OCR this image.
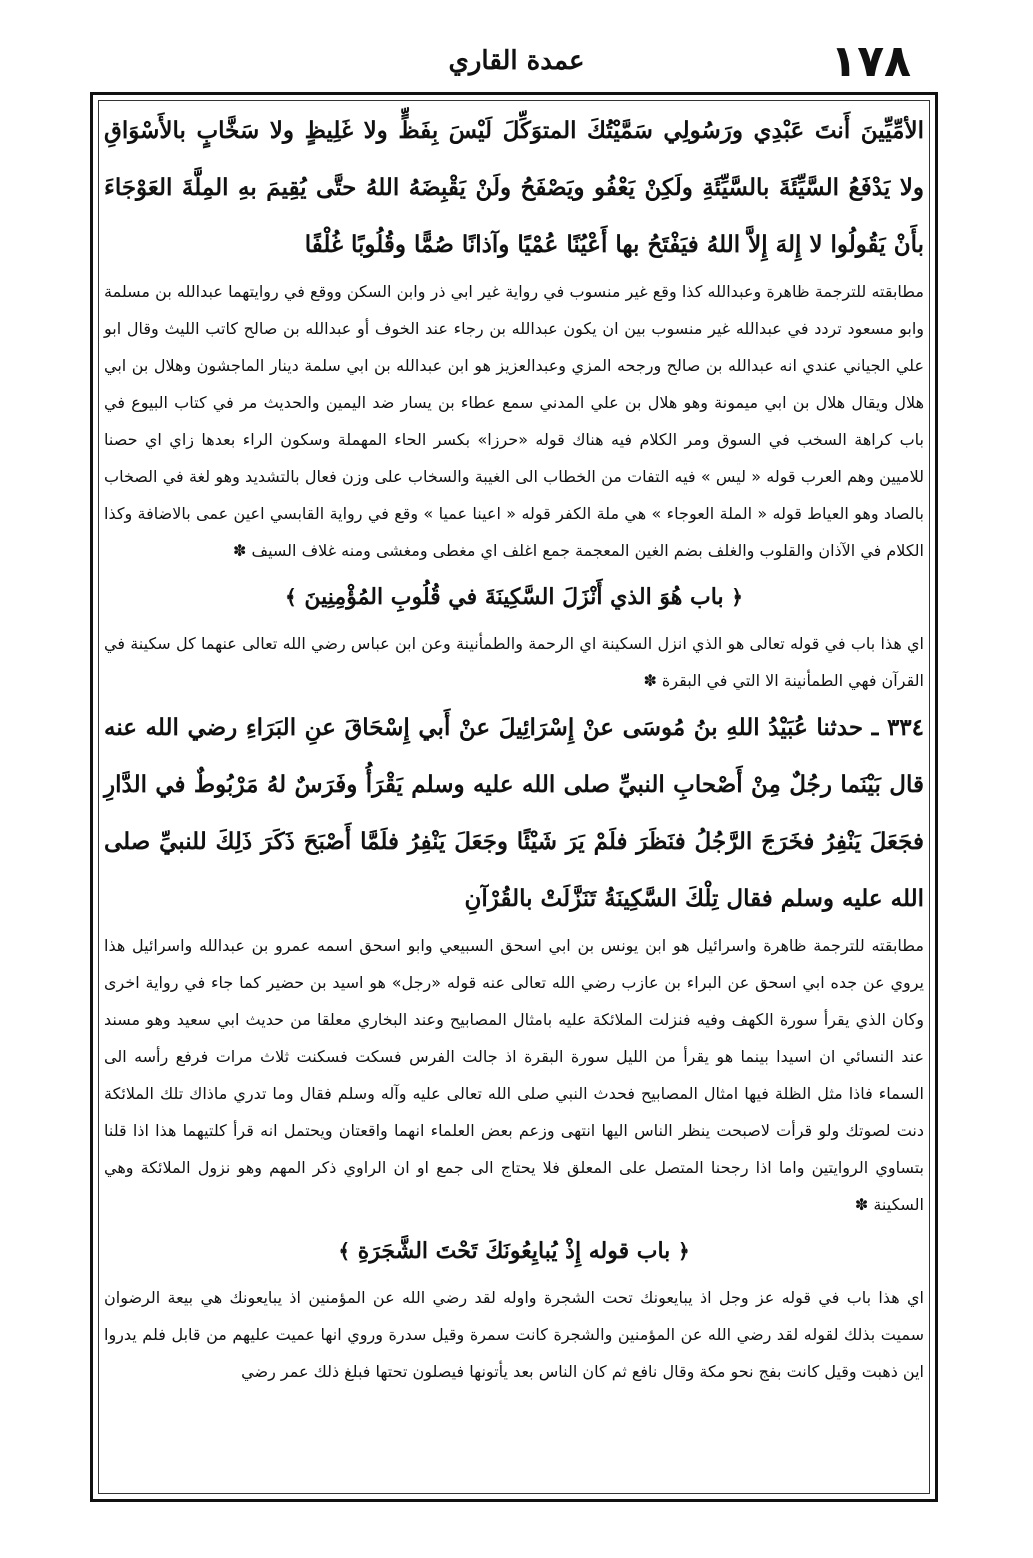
١٧٨
عمدة القاري

الأمِّيِّينَ أَنتَ عَبْدِي ورَسُولِي سَمَّيْتُكَ المتوَكِّلَ لَيْسَ بِفَظٍّ ولا غَلِيظٍ ولا سَخَّابٍ بالأَسْوَاقِ ولا يَدْفَعُ السَّيِّئَةَ بالسَّيِّئَةِ ولَكِنْ يَعْفُو ويَصْفَحُ ولَنْ يَقْبِضَهُ اللهُ حتَّى يُقِيمَ بهِ المِلَّةَ العَوْجَاءَ بأَنْ يَقُولُوا لا إِلهَ إِلاَّ اللهُ فيَفْتَحُ بها أَعْيُنًا عُمْيًا وآذانًا صُمًّا وقُلُوبًا غُلْفًا

مطابقته للترجمة ظاهرة وعبدالله كذا وقع غير منسوب في رواية غير ابي ذر وابن السكن ووقع في روايتهما عبدالله بن مسلمة وابو مسعود تردد في عبدالله غير منسوب بين ان يكون عبدالله بن رجاء عند الخوف أو عبدالله بن صالح كاتب الليث وقال ابو علي الجياني عندي انه عبدالله بن صالح ورجحه المزي وعبدالعزيز هو ابن عبدالله بن ابي سلمة دينار الماجشون وهلال بن ابي هلال ويقال هلال بن ابي ميمونة وهو هلال بن علي المدني سمع عطاء بن يسار ضد اليمين والحديث مر في كتاب البيوع في باب كراهة السخب في السوق ومر الكلام فيه هناك قوله «حرزا» بكسر الحاء المهملة وسكون الراء بعدها زاي اي حصنا للاميين وهم العرب قوله « ليس » فيه التفات من الخطاب الى الغيبة والسخاب على وزن فعال بالتشديد وهو لغة في الصخاب بالصاد وهو العياط قوله « الملة العوجاء » هي ملة الكفر قوله « اعينا عميا » وقع في رواية القابسي اعين عمى بالاضافة وكذا الكلام في الآذان والقلوب والغلف بضم الغين المعجمة جمع اغلف اي مغطى ومغشى ومنه غلاف السيف ✽

﴿ باب هُوَ الذي أَنْزَلَ السَّكِينَةَ في قُلُوبِ المُؤْمِنِينَ ﴾

اي هذا باب في قوله تعالى هو الذي انزل السكينة اي الرحمة والطمأنينة وعن ابن عباس رضي الله تعالى عنهما كل سكينة في القرآن فهي الطمأنينة الا التي في البقرة ✽

٣٣٤ ـ حدثنا عُبَيْدُ اللهِ بنُ مُوسَى عنْ إِسْرَائِيلَ عنْ أَبي إِسْحَاقَ عنِ البَرَاءِ رضي الله عنه قال بَيْنَما رجُلٌ مِنْ أَصْحابِ النبيِّ صلى الله عليه وسلم يَقْرَأُ وفَرَسٌ لهُ مَرْبُوطٌ في الدَّارِ فجَعَلَ يَنْفِرُ فخَرَجَ الرَّجُلُ فنَظَرَ فلَمْ يَرَ شَيْئًا وجَعَلَ يَنْفِرُ فلَمَّا أَصْبَحَ ذَكَرَ ذَلِكَ للنبيِّ صلى الله عليه وسلم فقال تِلْكَ السَّكِينَةُ تَنَزَّلَتْ بالقُرْآنِ

مطابقته للترجمة ظاهرة واسرائيل هو ابن يونس بن ابي اسحق السبيعي وابو اسحق اسمه عمرو بن عبدالله واسرائيل هذا يروي عن جده ابي اسحق عن البراء بن عازب رضي الله تعالى عنه قوله «رجل» هو اسيد بن حضير كما جاء في رواية اخرى وكان الذي يقرأ سورة الكهف وفيه فنزلت الملائكة عليه بامثال المصابيح وعند البخاري معلقا من حديث ابي سعيد وهو مسند عند النسائي ان اسيدا بينما هو يقرأ من الليل سورة البقرة اذ جالت الفرس فسكت فسكنت ثلاث مرات فرفع رأسه الى السماء فاذا مثل الظلة فيها امثال المصابيح فحدث النبي صلى الله تعالى عليه وآله وسلم فقال وما تدري ماذاك تلك الملائكة دنت لصوتك ولو قرأت لاصبحت ينظر الناس اليها انتهى وزعم بعض العلماء انهما واقعتان ويحتمل انه قرأ كلتيهما هذا اذا قلنا بتساوي الروايتين واما اذا رجحنا المتصل على المعلق فلا يحتاج الى جمع او ان الراوي ذكر المهم وهو نزول الملائكة وهي السكينة ✽

﴿ باب قوله إِذْ يُبايِعُونَكَ تَحْتَ الشَّجَرَةِ ﴾

اي هذا باب في قوله عز وجل اذ يبايعونك تحت الشجرة واوله لقد رضي الله عن المؤمنين اذ يبايعونك هي بيعة الرضوان سميت بذلك لقوله لقد رضي الله عن المؤمنين والشجرة كانت سمرة وقيل سدرة وروي انها عميت عليهم من قابل فلم يدروا اين ذهبت وقيل كانت بفج نحو مكة وقال نافع ثم كان الناس بعد يأتونها فيصلون تحتها فبلغ ذلك عمر رضي
